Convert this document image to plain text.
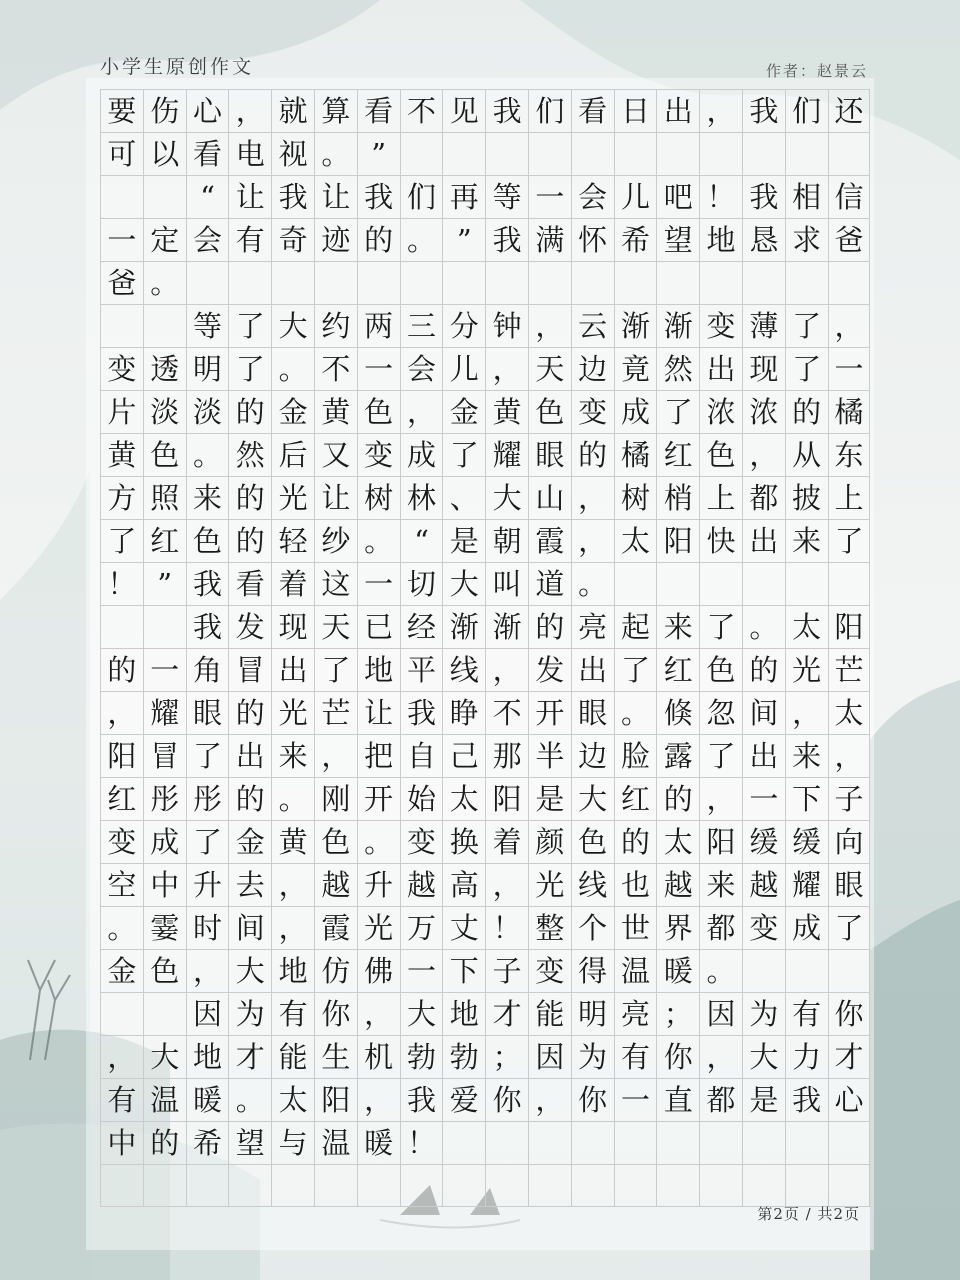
小学生原创作文	作者：赵景云
要 伤 心 ， 就 算 看 不 见 我 们 看 日 出 ， 我 们 还
可 以 看 电 视 。 ”
“ 让 我 让 我 们 再 等 一 会 儿 吧 ！ 我 相 信
一 定 会 有 奇 迹 的 。 ” 我 满 怀 希 望 地 恳 求 爸
爸 。
等 了 大 约 两 三 分 钟 ， 云 渐 渐 变 薄 了 ，
变 透 明 了 。 不 一 会 儿 ， 天 边 竟 然 出 现 了 一
片 淡 淡 的 金 黄 色 ， 金 黄 色 变 成 了 浓 浓 的 橘
黄 色 。 然 后 又 变 成 了 耀 眼 的 橘 红 色 ， 从 东
方 照 来 的 光 让 树 林 、 大 山 ， 树 梢 上 都 披 上
了 红 色 的 轻 纱 。 “ 是 朝 霞 ， 太 阳 快 出 来 了
！ ” 我 看 着 这 一 切 大 叫 道 。
我 发 现 天 已 经 渐 渐 的 亮 起 来 了 。 太 阳
的 一 角 冒 出 了 地 平 线 ， 发 出 了 红 色 的 光 芒
， 耀 眼 的 光 芒 让 我 睁 不 开 眼 。 倏 忽 间 ， 太
阳 冒 了 出 来 ， 把 自 己 那 半 边 脸 露 了 出 来 ，
红 彤 彤 的 。 刚 开 始 太 阳 是 大 红 的 ， 一 下 子
变 成 了 金 黄 色 。 变 换 着 颜 色 的 太 阳 缓 缓 向
空 中 升 去 ， 越 升 越 高 ， 光 线 也 越 来 越 耀 眼
。 霎 时 间 ， 霞 光 万 丈 ！ 整 个 世 界 都 变 成 了
金 色 ， 大 地 仿 佛 一 下 子 变 得 温 暖 。
因 为 有 你 ， 大 地 才 能 明 亮 ； 因 为 有 你
， 大 地 才 能 生 机 勃 勃 ； 因 为 有 你 ， 大 力 才
有 温 暖 。 太 阳 ， 我 爱 你 ， 你 一 直 都 是 我 心
中 的 希 望 与 温 暖 ！
第2页 / 共2页
